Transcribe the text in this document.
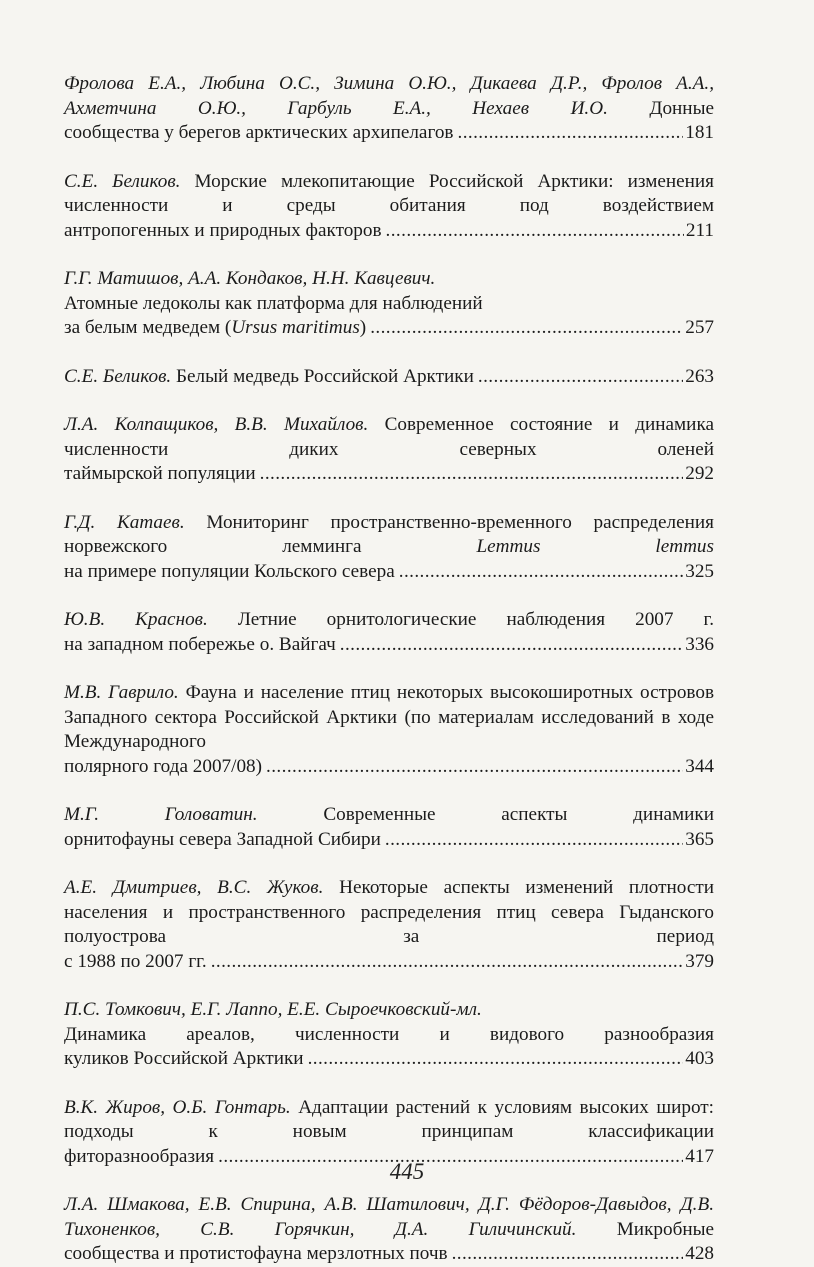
Фролова Е.А., Любина О.С., Зимина О.Ю., Дикаева Д.Р., Фролов А.А., Ахметчина О.Ю., Гарбуль Е.А., Нехаев И.О. Донные
сообщества у берегов арктических архипелагов . . .	181
С.Е. Беликов. Морские млекопитающие Российской Арктики: изменения численности и среды обитания под воздействием
антропогенных и природных факторов . . .	211
Г.Г. Матишов, А.А. Кондаков, Н.Н. Кавцевич.
Атомные ледоколы как платформа для наблюдений
за белым медведем (Ursus maritimus) . . .	257
С.Е. Беликов. Белый медведь Российской Арктики . . .	263
Л.А. Колпащиков, В.В. Михайлов. Современное состояние и динамика численности диких северных оленей
таймырской популяции . . .	292
Г.Д. Катаев. Мониторинг пространственно-временного распределения норвежского лемминга	Lemmus lemmus
на примере популяции Кольского севера . . .	325
Ю.В. Краснов. Летние орнитологические наблюдения 2007 г.
на западном побережье о. Вайгач . . .	336
М.В. Гаврило. Фауна и население птиц некоторых высокоширотных островов Западного сектора Российской Арктики (по материалам исследований в ходе Международного
полярного года 2007/08) . . .	344
М.Г. Головатин.	Современные аспекты динамики
орнитофауны севера Западной Сибири . . .	365
А.Е. Дмитриев, В.С. Жуков. Некоторые аспекты изменений плотности населения и пространственного распределения птиц севера Гыданского полуострова за период
с 1988 по 2007 гг. . . .	379
П.С. Томкович, Е.Г. Лаппо, Е.Е. Сыроечковский-мл.
Динамика ареалов, численности и видового разнообразия
куликов Российской Арктики . . .	403
В.К. Жиров, О.Б. Гонтарь. Адаптации растений к условиям высоких широт: подходы к новым принципам классификации
фиторазнообразия . . .	417
Л.А. Шмакова, Е.В. Спирина, А.В. Шатилович, Д.Г. Фёдоров-Давыдов, Д.В. Тихоненков, С.В. Горячкин, Д.А. Гиличинский. Микробные
сообщества и протистофауна мерзлотных почв . . .	428
445
